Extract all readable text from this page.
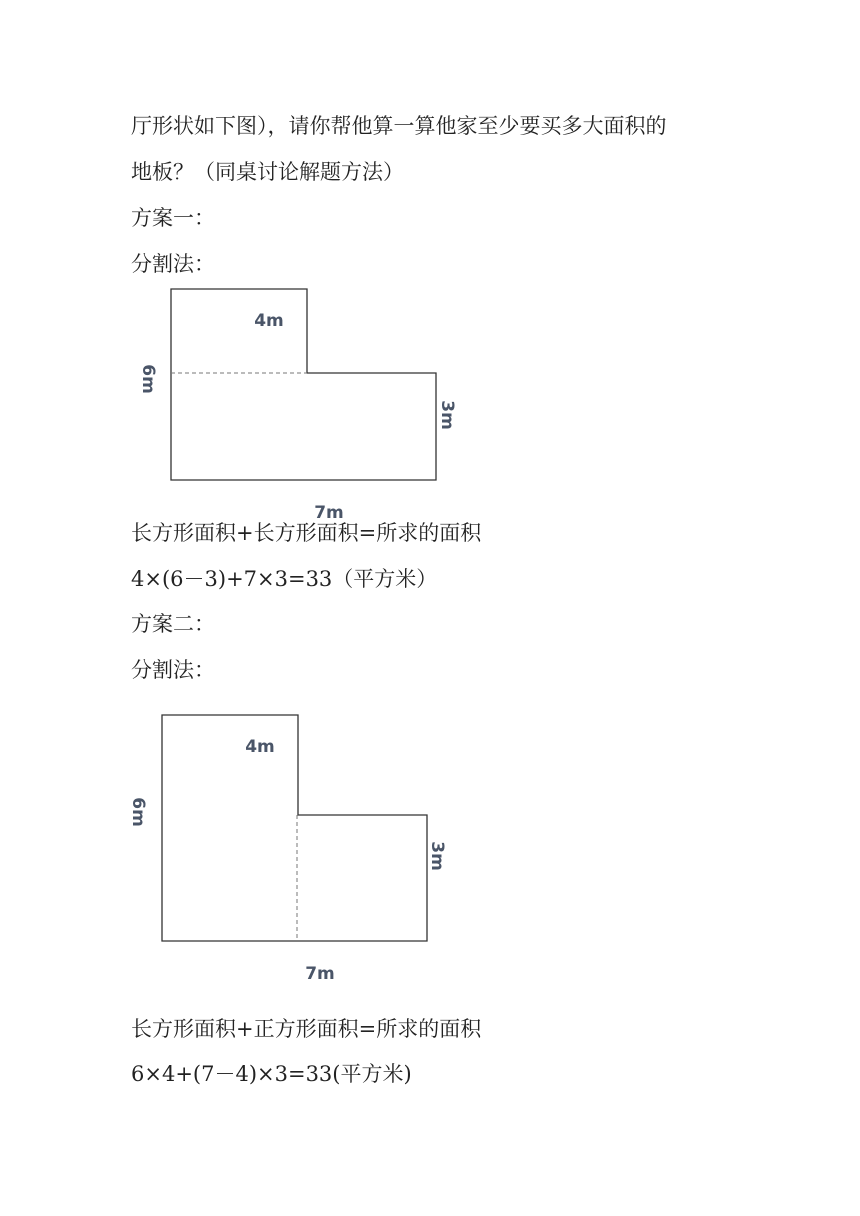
厅形状如下图），请你帮他算一算他家至少要买多大面积的
地板？（同桌讨论解题方法）
方案一：
分割法：
4m
6m
3m
7m
长方形面积+长方形面积=所求的面积
4×(6－3)+7×3=33（平方米）
方案二：
分割法：
4m
6m
3m
7m
长方形面积+正方形面积=所求的面积
6×4+(7－4)×3=33(平方米)
